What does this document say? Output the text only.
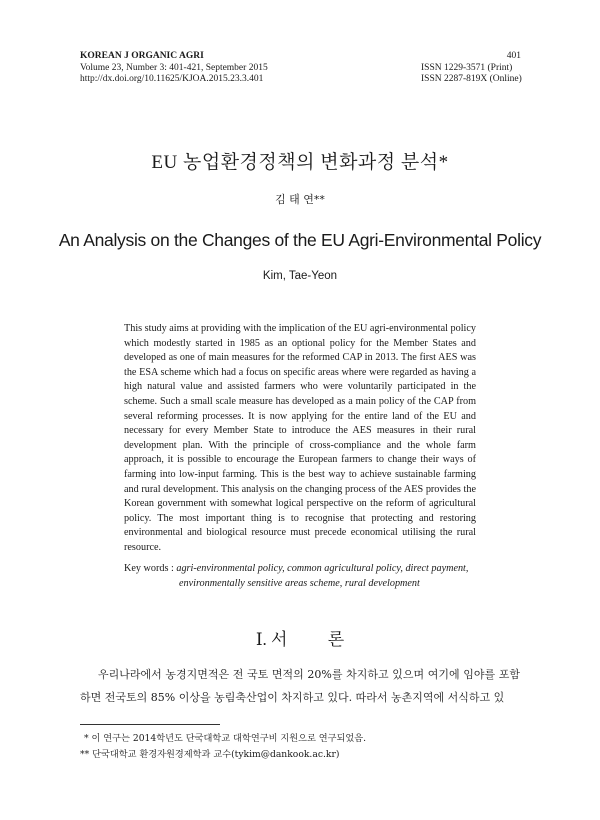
KOREAN J ORGANIC AGRI
Volume 23, Number 3: 401-421, September 2015
http://dx.doi.org/10.11625/KJOA.2015.23.3.401
401
ISSN 1229-3571 (Print)
ISSN 2287-819X (Online)
EU 농업환경정책의 변화과정 분석*
김 태 연**
An Analysis on the Changes of the EU Agri-Environmental Policy
Kim, Tae-Yeon
This study aims at providing with the implication of the EU agri-environmental policy which modestly started in 1985 as an optional policy for the Member States and developed as one of main measures for the reformed CAP in 2013. The first AES was the ESA scheme which had a focus on specific areas where were regarded as having a high natural value and assisted farmers who were voluntarily participated in the scheme. Such a small scale measure has developed as a main policy of the CAP from several reforming processes. It is now applying for the entire land of the EU and necessary for every Member State to introduce the AES measures in their rural development plan. With the principle of cross-compliance and the whole farm approach, it is possible to encourage the European farmers to change their ways of farming into low-input farming. This is the best way to achieve sustainable farming and rural development. This analysis on the changing process of the AES provides the Korean government with somewhat logical perspective on the reform of agricultural policy. The most important thing is to recognise that protecting and restoring environmental and biological resource must precede economical utilising the rural resource.
Key words : agri-environmental policy, common agricultural policy, direct payment,
environmentally sensitive areas scheme, rural development
Ⅰ. 서 론

우리나라에서 농경지면적은 전 국토 면적의 20%를 차지하고 있으며 여기에 임야를 포함하면 전국토의 85% 이상을 농림축산업이 차지하고 있다. 따라서 농촌지역에 서식하고 있

* 이 연구는 2014학년도 단국대학교 대학연구비 지원으로 연구되었음.
** 단국대학교 환경자원경제학과 교수(tykim@dankook.ac.kr)
